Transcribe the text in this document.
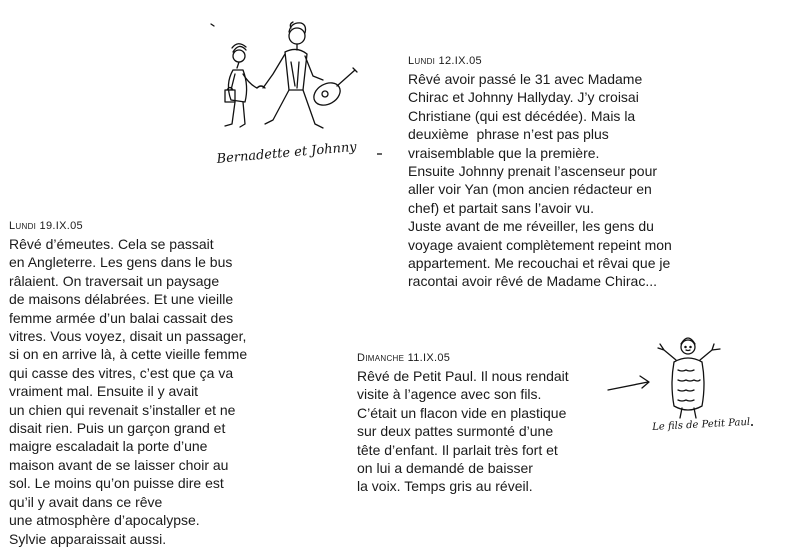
Bernadette et Johnny
Le fils de Petit Paul
Lundi 12.IX.05
Rêvé avoir passé le 31 avec Madame
Chirac et Johnny Hallyday. J’y croisai
Christiane (qui est décédée). Mais la
deuxième  phrase n’est pas plus
vraisemblable que la première.
Ensuite Johnny prenait l’ascenseur pour
aller voir Yan (mon ancien rédacteur en
chef) et partait sans l’avoir vu.
Juste avant de me réveiller, les gens du
voyage avaient complètement repeint mon
appartement. Me recouchai et rêvai que je
racontai avoir rêvé de Madame Chirac...
Lundi 19.IX.05
Rêvé d’émeutes. Cela se passait
en Angleterre. Les gens dans le bus
râlaient. On traversait un paysage
de maisons délabrées. Et une vieille
femme armée d’un balai cassait des
vitres. Vous voyez, disait un passager,
si on en arrive là, à cette vieille femme
qui casse des vitres, c’est que ça va
vraiment mal. Ensuite il y avait
un chien qui revenait s’installer et ne
disait rien. Puis un garçon grand et
maigre escaladait la porte d’une
maison avant de se laisser choir au
sol. Le moins qu’on puisse dire est
qu’il y avait dans ce rêve
une atmosphère d’apocalypse.
Sylvie apparaissait aussi.
Dimanche 11.IX.05
Rêvé de Petit Paul. Il nous rendait
visite à l’agence avec son fils.
C’était un flacon vide en plastique
sur deux pattes surmonté d’une
tête d’enfant. Il parlait très fort et
on lui a demandé de baisser
la voix. Temps gris au réveil.
